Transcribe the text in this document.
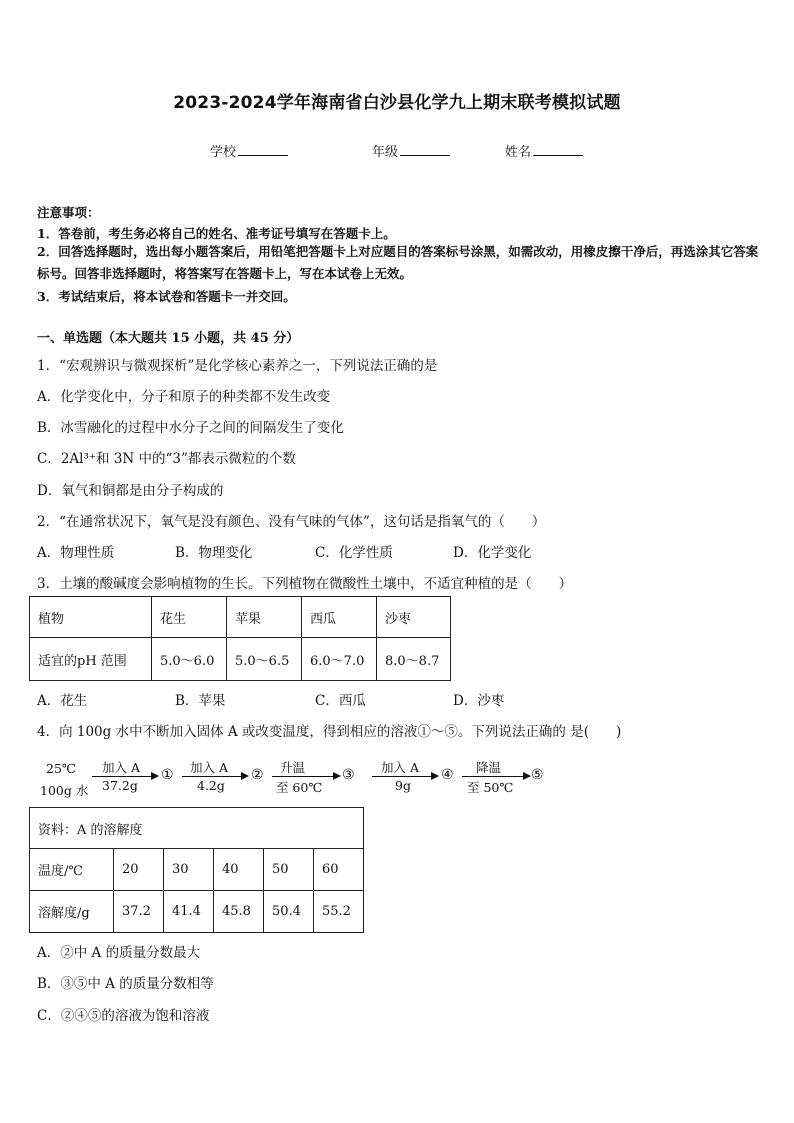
2023-2024学年海南省白沙县化学九上期末联考模拟试题
学校	年级	姓名
注意事项：
1．答卷前，考生务必将自己的姓名、准考证号填写在答题卡上。
2．回答选择题时，选出每小题答案后，用铅笔把答题卡上对应题目的答案标号涂黑，如需改动，用橡皮擦干净后，再选涂其它答案标号。回答非选择题时，将答案写在答题卡上，写在本试卷上无效。
3．考试结束后，将本试卷和答题卡一并交回。
一、单选题（本大题共 15 小题，共 45 分）
1．“宏观辨识与微观探析”是化学核心素养之一，下列说法正确的是
A．化学变化中，分子和原子的种类都不发生改变
B．冰雪融化的过程中水分子之间的间隔发生了变化
C．2Al³⁺和 3N 中的“3”都表示微粒的个数
D．氧气和铜都是由分子构成的
2．“在通常状况下，氧气是没有颜色、没有气味的气体”，这句话是指氧气的（　　）
A．物理性质	B．物理变化	C．化学性质	D．化学变化
3．土壤的酸碱度会影响植物的生长。下列植物在微酸性土壤中，不适宜种植的是（　　）
植物	花生	苹果	西瓜	沙枣
适宜的pH 范围	5.0～6.0	5.0～6.5	6.0～7.0	8.0～8.7
A．花生	B．苹果	C．西瓜	D．沙枣
4．向 100g 水中不断加入固体 A 或改变温度，得到相应的溶液①～⑤。下列说法正确的 是(　　)
25℃
100g 水
加入 A
37.2g
① 加入 A
4.2g
② 升温
至 60℃
③ 加入 A
9g
④ 降温
至 50℃
⑤
资料：A 的溶解度					
温度/℃	20	30	40	50	60
溶解度/g	37.2	41.4	45.8	50.4	55.2
A．②中 A 的质量分数最大
B．③⑤中 A 的质量分数相等
C．②④⑤的溶液为饱和溶液
